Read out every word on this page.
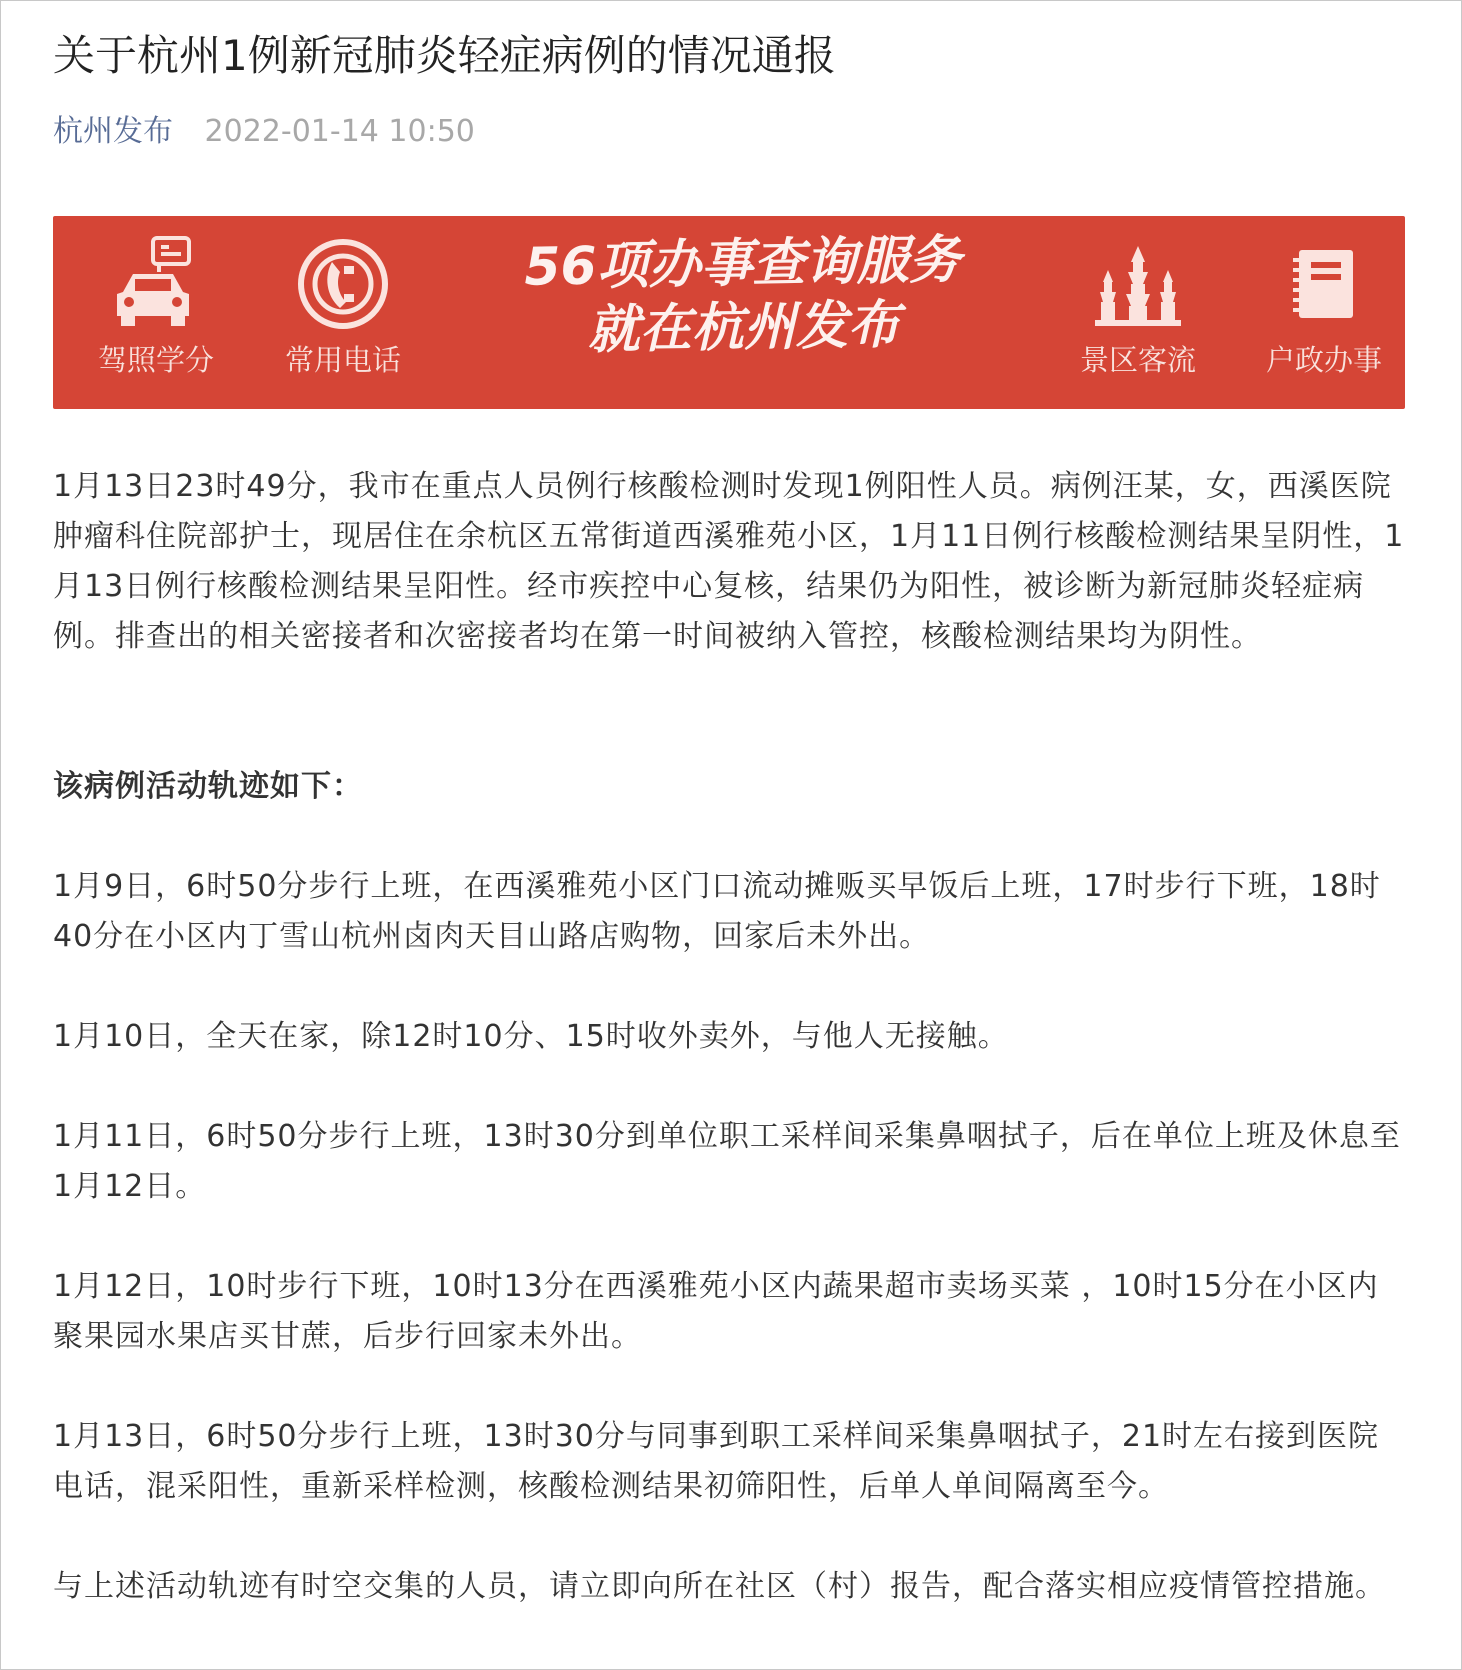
关于杭州1例新冠肺炎轻症病例的情况通报
杭州发布 2022-01-14 10:50
驾照学分	常用电话
56项办事查询服务
就在杭州发布	景区客流	户政办事

1月13日23时49分，我市在重点人员例行核酸检测时发现1例阳性人员。病例汪某，女，西溪医院肿瘤科住院部护士，现居住在余杭区五常街道西溪雅苑小区，1月11日例行核酸检测结果呈阴性，1月13日例行核酸检测结果呈阳性。经市疾控中心复核，结果仍为阳性，被诊断为新冠肺炎轻症病例。排查出的相关密接者和次密接者均在第一时间被纳入管控，核酸检测结果均为阴性。

该病例活动轨迹如下：

1月9日，6时50分步行上班，在西溪雅苑小区门口流动摊贩买早饭后上班，17时步行下班，18时40分在小区内丁雪山杭州卤肉天目山路店购物，回家后未外出。

1月10日，全天在家，除12时10分、15时收外卖外，与他人无接触。

1月11日，6时50分步行上班，13时30分到单位职工采样间采集鼻咽拭子，后在单位上班及休息至1月12日。

1月12日，10时步行下班，10时13分在西溪雅苑小区内蔬果超市卖场买菜 ，10时15分在小区内聚果园水果店买甘蔗，后步行回家未外出。

1月13日，6时50分步行上班，13时30分与同事到职工采样间采集鼻咽拭子，21时左右接到医院电话，混采阳性，重新采样检测，核酸检测结果初筛阳性，后单人单间隔离至今。

与上述活动轨迹有时空交集的人员，请立即向所在社区（村）报告，配合落实相应疫情管控措施。
